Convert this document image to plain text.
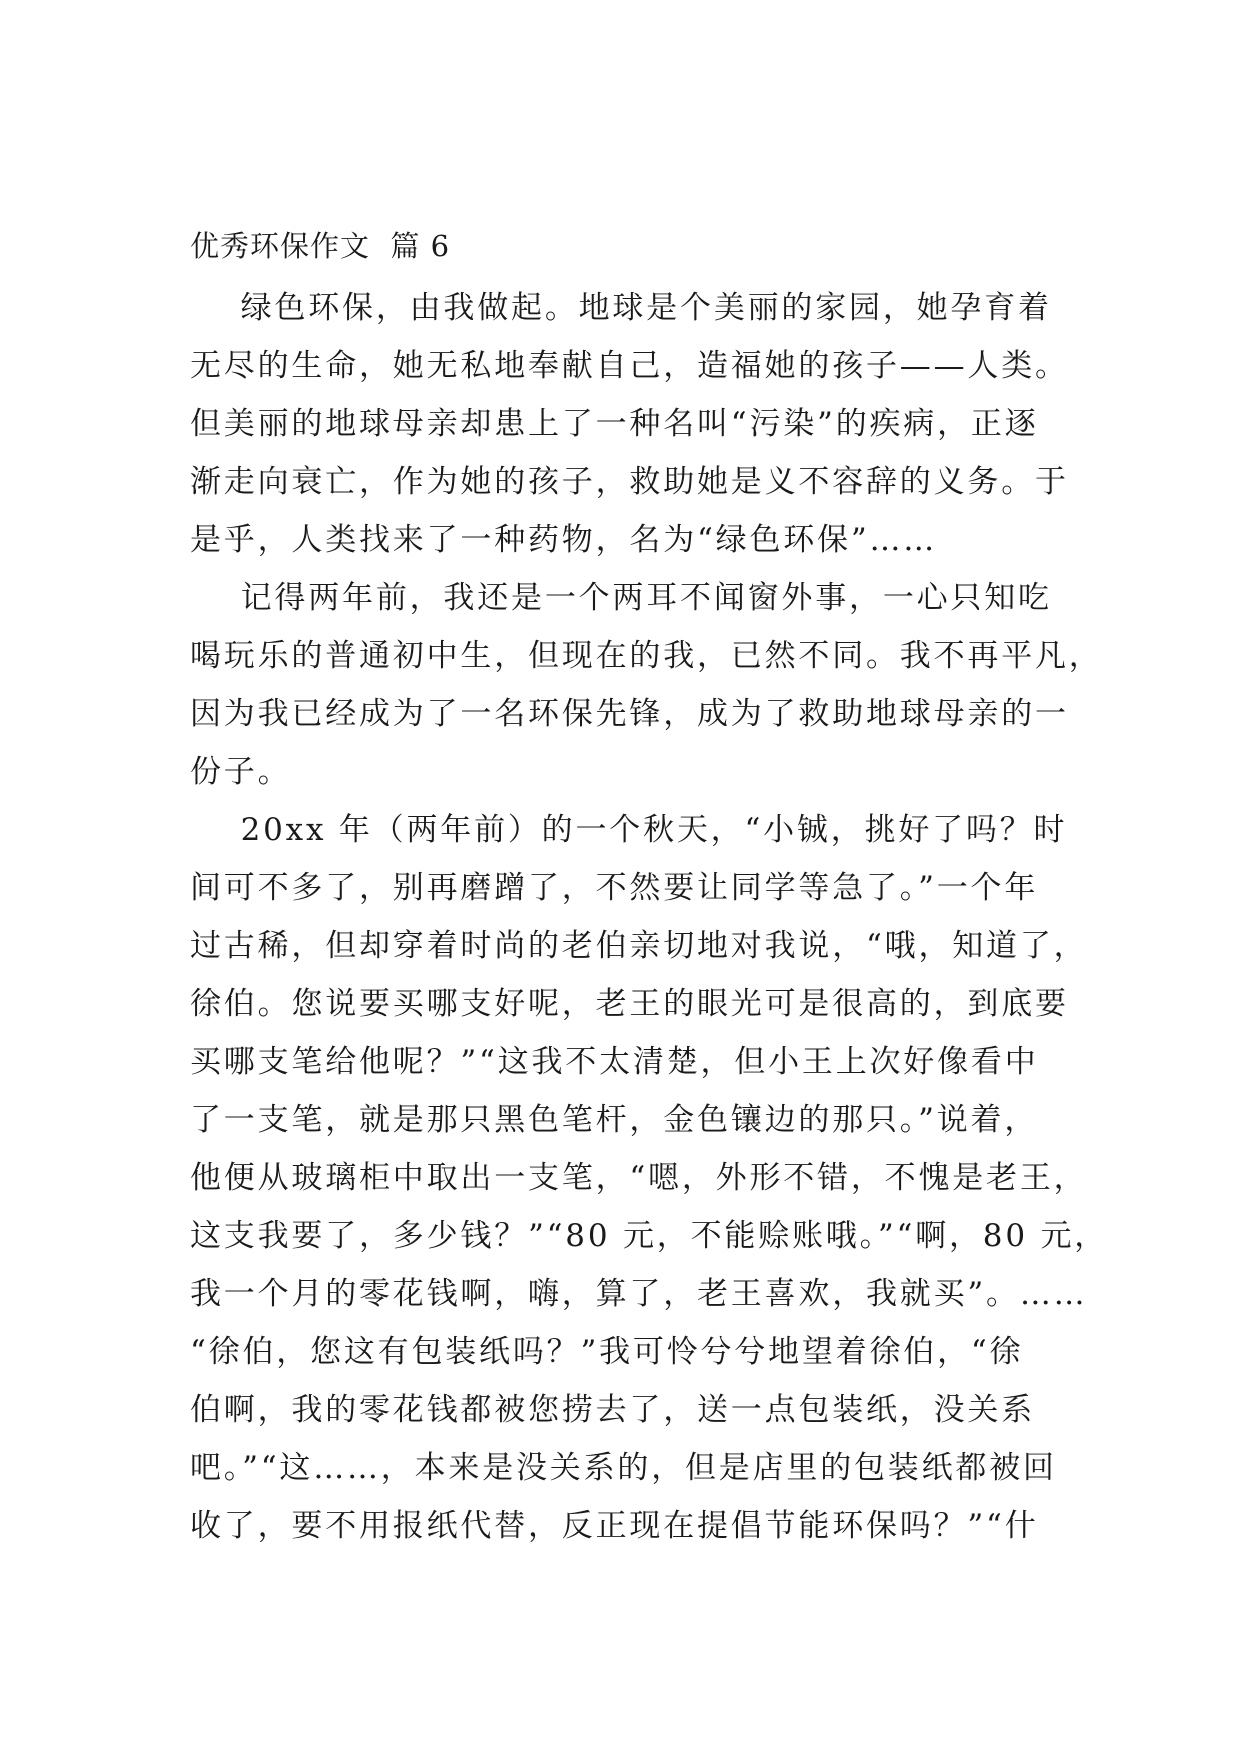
优秀环保作文  篇 6
绿色环保，由我做起。地球是个美丽的家园，她孕育着
无尽的生命，她无私地奉献自己，造福她的孩子——人类。
但美丽的地球母亲却患上了一种名叫“污染”的疾病，正逐
渐走向衰亡，作为她的孩子，救助她是义不容辞的义务。于
是乎，人类找来了一种药物，名为“绿色环保”……
记得两年前，我还是一个两耳不闻窗外事，一心只知吃
喝玩乐的普通初中生，但现在的我，已然不同。我不再平凡，
因为我已经成为了一名环保先锋，成为了救助地球母亲的一
份子。
20xx 年（两年前）的一个秋天，“小铖，挑好了吗？时
间可不多了，别再磨蹭了，不然要让同学等急了。”一个年
过古稀，但却穿着时尚的老伯亲切地对我说，“哦，知道了，
徐伯。您说要买哪支好呢，老王的眼光可是很高的，到底要
买哪支笔给他呢？”“这我不太清楚，但小王上次好像看中
了一支笔，就是那只黑色笔杆，金色镶边的那只。”说着，
他便从玻璃柜中取出一支笔，“嗯，外形不错，不愧是老王，
这支我要了，多少钱？”“80 元，不能赊账哦。”“啊，80 元，
我一个月的零花钱啊，嗨，算了，老王喜欢，我就买”。……
“徐伯，您这有包装纸吗？”我可怜兮兮地望着徐伯，“徐
伯啊，我的零花钱都被您捞去了，送一点包装纸，没关系
吧。”“这……，本来是没关系的，但是店里的包装纸都被回
收了，要不用报纸代替，反正现在提倡节能环保吗？”“什
